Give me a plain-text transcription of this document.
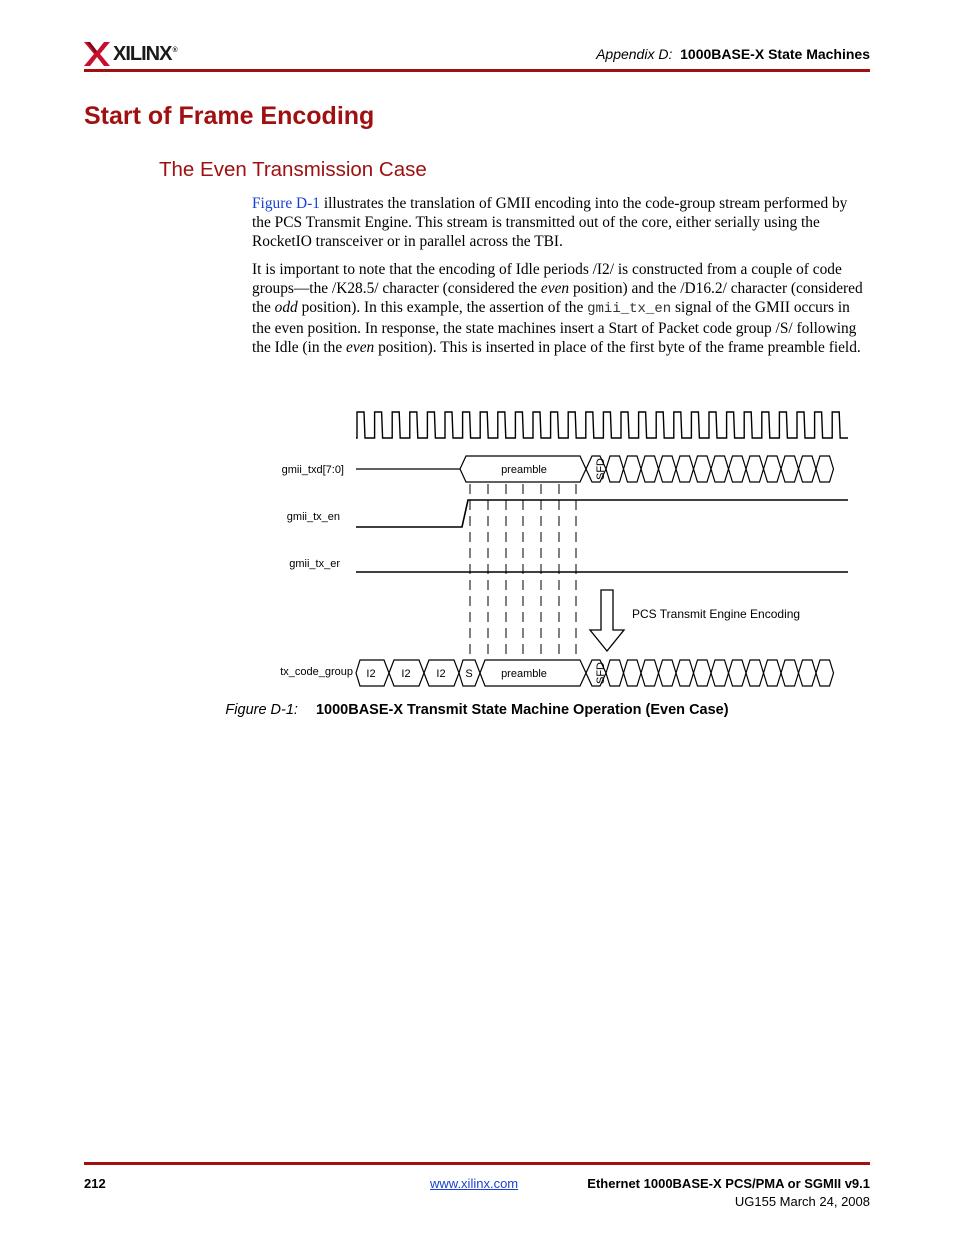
XILINX®	Appendix D: 1000BASE-X State Machines
Start of Frame Encoding
The Even Transmission Case

Figure D-1 illustrates the translation of GMII encoding into the code-group stream performed by the PCS Transmit Engine. This stream is transmitted out of the core, either serially using the RocketIO transceiver or in parallel across the TBI.

It is important to note that the encoding of Idle periods /I2/ is constructed from a couple of code groups—the /K28.5/ character (considered the even position) and the /D16.2/ character (considered the odd position). In this example, the assertion of the gmii_tx_en signal of the GMII occurs in the even position. In response, the state machines insert a Start of Packet code group /S/ following the Idle (in the even position). This is inserted in place of the first byte of the frame preamble field.

gmii_txd[7:0]
gmii_tx_en
gmii_tx_er
tx_code_group
preamble	SFD
PCS Transmit Engine Encoding
I2 I2 I2 S	preamble	SFD
Figure D-1: 1000BASE-X Transmit State Machine Operation (Even Case)
212	www.xilinx.com	Ethernet 1000BASE-X PCS/PMA or SGMII v9.1
UG155 March 24, 2008
